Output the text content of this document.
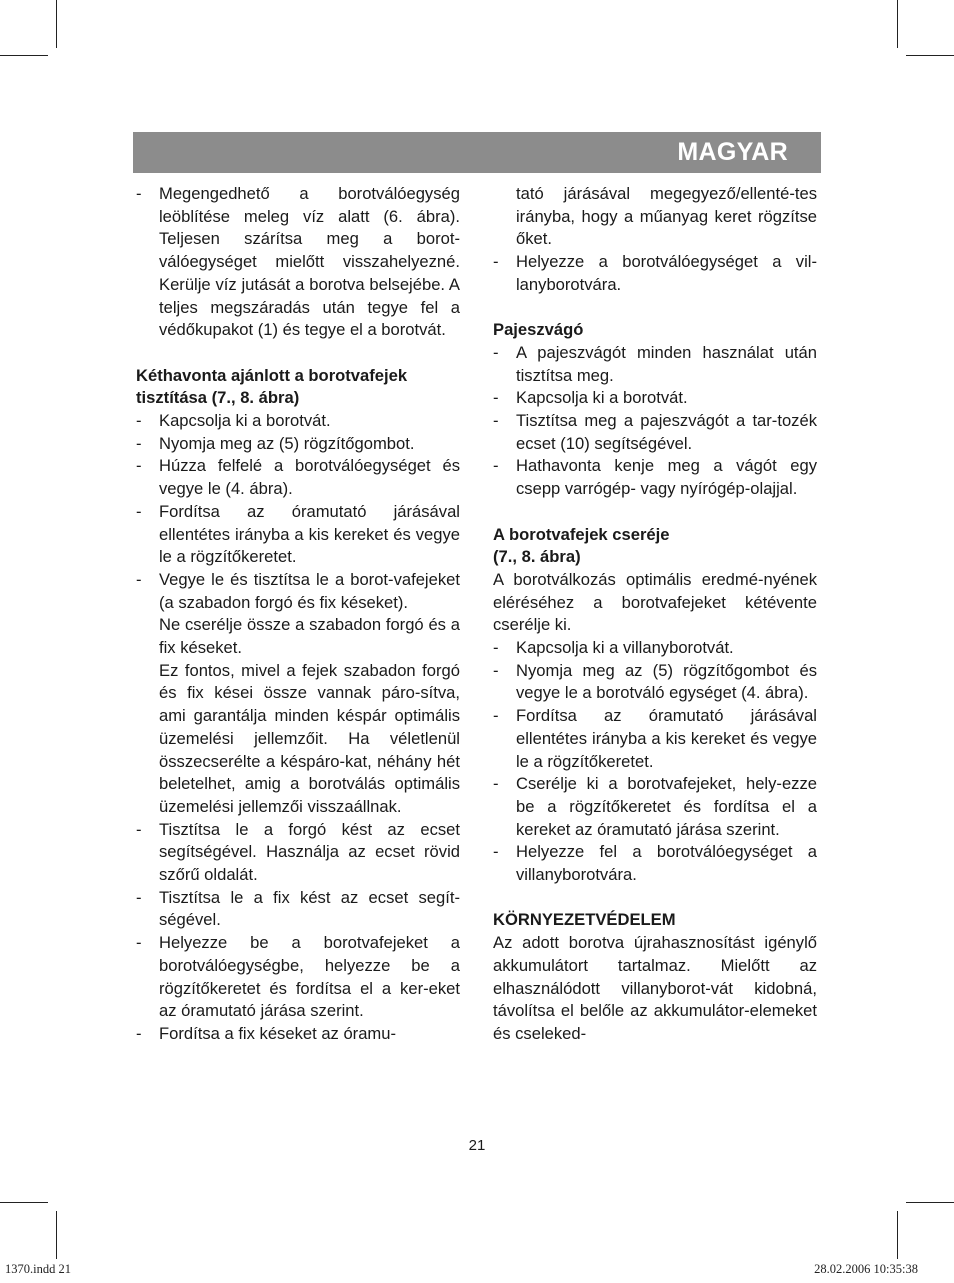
MAGYAR

- Megengedhető a borotválóegység leöblítése meleg víz alatt (6. ábra). Teljesen szárítsa meg a borot-válóegységet mielőtt visszahelyezné. Kerülje víz jutását a borotva belsejébe. A teljes megszáradás után tegye fel a védőkupakot (1) és tegye el a borotvát.

Kéthavonta ajánlott a borotvafejek tisztítása (7., 8. ábra)

- Kapcsolja ki a borotvát.

- Nyomja meg az (5) rögzítőgombot.

- Húzza felfelé a borotválóegységet és vegye le (4. ábra).

- Fordítsa az óramutató járásával ellentétes irányba a kis kereket és vegye le a rögzítőkeretet.

- Vegye le és tisztítsa le a borot-vafejeket (a szabadon forgó és fix késeket).

Ne cserélje össze a szabadon forgó és a fix késeket.

Ez fontos, mivel a fejek szabadon forgó és fix kései össze vannak páro-sítva, ami garantálja minden késpár optimális üzemelési jellemzőit. Ha véletlenül összecserélte a késpáro-kat, néhány hét beletelhet, amig a borotválás optimális üzemelési jellemzői visszaállnak.

- Tisztítsa le a forgó kést az ecset segítségével. Használja az ecset rövid szőrű oldalát.

- Tisztítsa le a fix kést az ecset segít-ségével.

- Helyezze be a borotvafejeket a borotválóegységbe, helyezze be a rögzítőkeretet és fordítsa el a ker-eket az óramutató járása szerint.

- Fordítsa a fix késeket az óramu-

tató járásával megegyező/ellenté-tes irányba, hogy a műanyag keret rögzítse őket.

- Helyezze a borotválóegységet a vil-lanyborotvára.

Pajeszvágó

- A pajeszvágót minden használat után tisztítsa meg.

- Kapcsolja ki a borotvát.

- Tisztítsa meg a pajeszvágót a tar-tozék ecset (10) segítségével.

- Hathavonta kenje meg a vágót egy csepp varrógép- vagy nyírógép-olajjal.

A borotvafejek cseréje

(7., 8. ábra)

A borotválkozás optimális eredmé-nyének eléréséhez a borotvafejeket kétévente cserélje ki.

- Kapcsolja ki a villanyborotvát.

- Nyomja meg az (5) rögzítőgombot és vegye le a borotváló egységet (4. ábra).

- Fordítsa az óramutató járásával ellentétes irányba a kis kereket és vegye le a rögzítőkeretet.

- Cserélje ki a borotvafejeket, hely-ezze be a rögzítőkeretet és fordítsa el a kereket az óramutató járása szerint.

- Helyezze fel a borotválóegységet a villanyborotvára.

KÖRNYEZETVÉDELEM

Az adott borotva újrahasznosítást igénylő akkumulátort tartalmaz. Mielőtt az elhasználódott villanyborot-vát kidobná, távolítsa el belőle az akkumulátor-elemeket és cseleked-

21
1370.indd 21	28.02.2006 10:35:38
